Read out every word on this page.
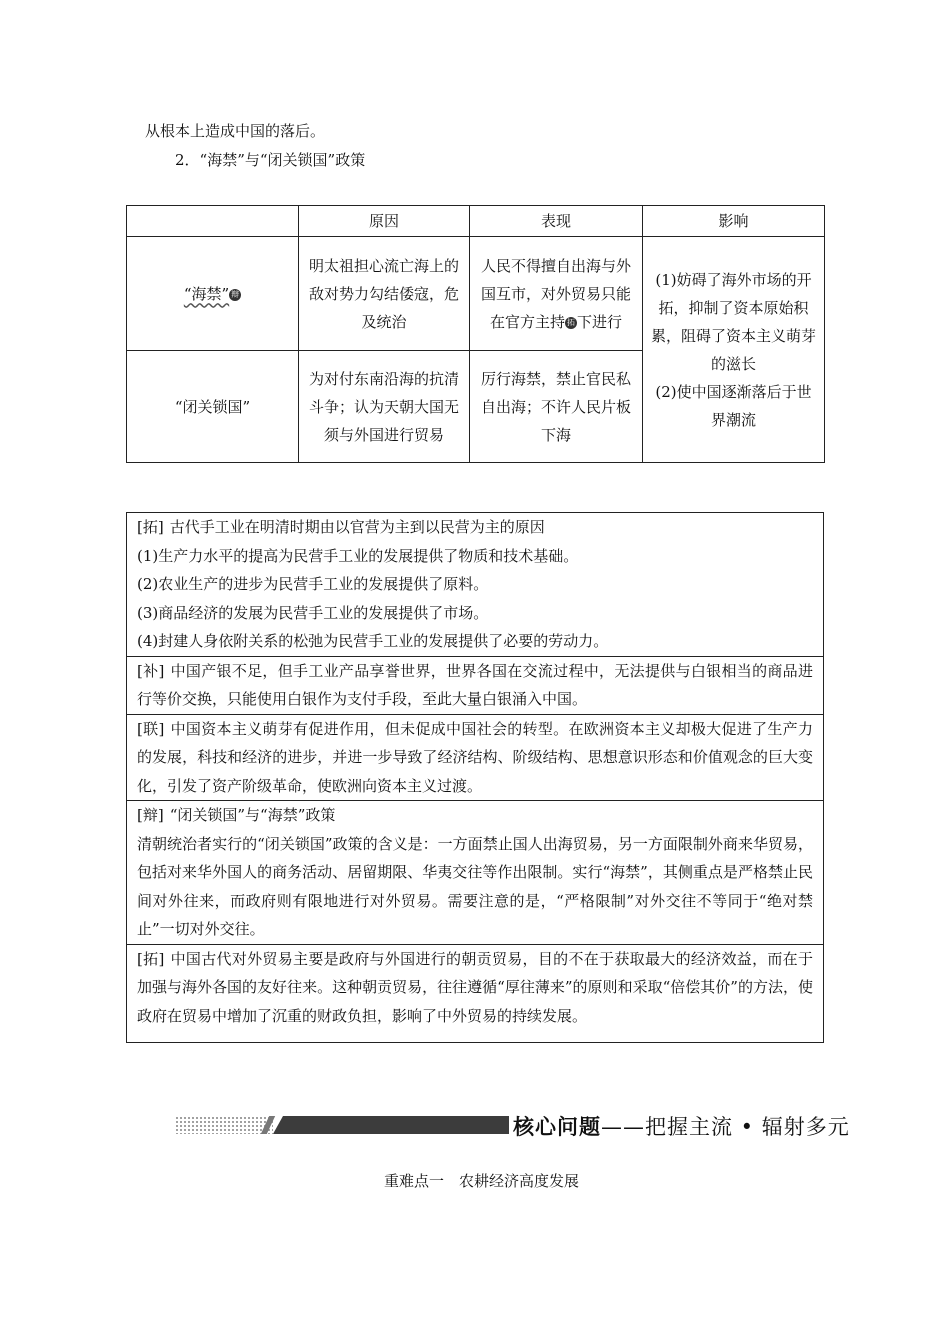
从根本上造成中国的落后。
2．“海禁”与“闭关锁国”政策
	原因	表现	影响
“海禁” 辩	明太祖担心流亡海上的敌对势力勾结倭寇，危及统治	人民不得擅自出海与外国互市，对外贸易只能在官方主持 拓 下进行	(1)妨碍了海外市场的开拓，抑制了资本原始积累，阻碍了资本主义萌芽的滋长
(2)使中国逐渐落后于世界潮流

“闭关锁国”	为对付东南沿海的抗清斗争；认为天朝大国无须与外国进行贸易	厉行海禁，禁止官民私自出海；不许人民片板下海	

[拓] 古代手工业在明清时期由以官营为主到以民营为主的原因

(1)生产力水平的提高为民营手工业的发展提供了物质和技术基础。

(2)农业生产的进步为民营手工业的发展提供了原料。

(3)商品经济的发展为民营手工业的发展提供了市场。

(4)封建人身依附关系的松弛为民营手工业的发展提供了必要的劳动力。

[补] 中国产银不足，但手工业产品享誉世界，世界各国在交流过程中，无法提供与白银相当的商品进行等价交换，只能使用白银作为支付手段，至此大量白银涌入中国。

[联] 中国资本主义萌芽有促进作用，但未促成中国社会的转型。在欧洲资本主义却极大促进了生产力的发展，科技和经济的进步，并进一步导致了经济结构、阶级结构、思想意识形态和价值观念的巨大变化，引发了资产阶级革命，使欧洲向资本主义过渡。

[辩] “闭关锁国”与“海禁”政策

清朝统治者实行的“闭关锁国”政策的含义是：一方面禁止国人出海贸易，另一方面限制外商来华贸易，包括对来华外国人的商务活动、居留期限、华夷交往等作出限制。实行“海禁”，其侧重点是严格禁止民间对外往来，而政府则有限地进行对外贸易。需要注意的是，“严格限制”对外交往不等同于“绝对禁止”一切对外交往。

[拓] 中国古代对外贸易主要是政府与外国进行的朝贡贸易，目的不在于获取最大的经济效益，而在于加强与海外各国的友好往来。这种朝贡贸易，往往遵循“厚往薄来”的原则和采取“倍偿其价”的方法，使政府在贸易中增加了沉重的财政负担，影响了中外贸易的持续发展。

核心问题——把握主流 • 辐射多元
重难点一　农耕经济高度发展
